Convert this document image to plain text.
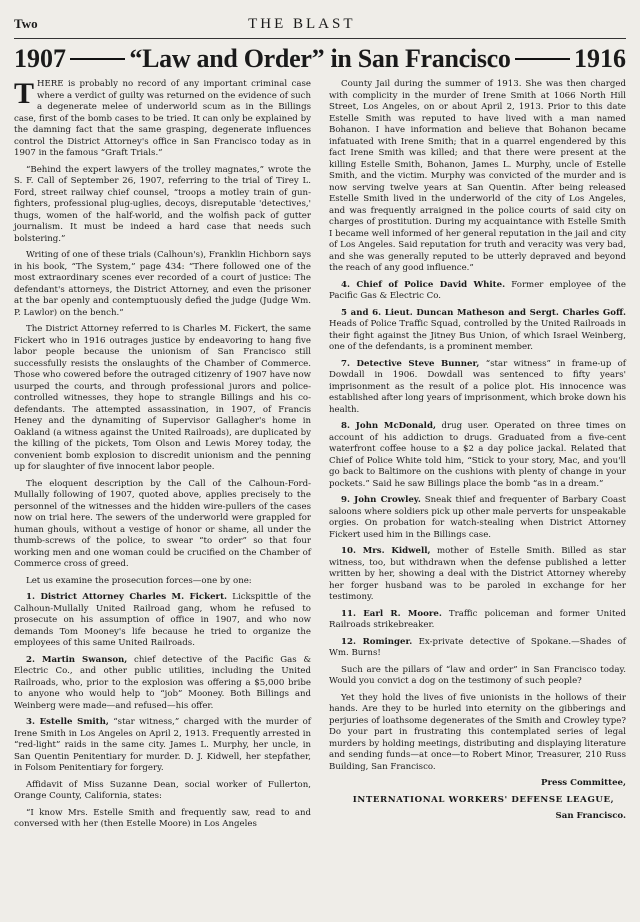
Two	THE BLAST
1907 “Law and Order” in San Francisco 1916

THERE is probably no record of any important criminal case where a verdict of guilty was returned on the evidence of such a degenerate melee of underworld scum as in the Billings case, first of the bomb cases to be tried. It can only be explained by the damning fact that the same grasping, degenerate influences control the District Attorney's office in San Francisco today as in 1907 in the famous “Graft Trials.”

“Behind the expert lawyers of the trolley magnates,” wrote the S. F. Call of September 26, 1907, referring to the trial of Tirey L. Ford, street railway chief counsel, “troops a motley train of gun-fighters, professional plug-uglies, decoys, disreputable 'detectives,' thugs, women of the half-world, and the wolfish pack of gutter journalism. It must be indeed a hard case that needs such bolstering.”

Writing of one of these trials (Calhoun's), Franklin Hichborn says in his book, “The System,” page 434: “There followed one of the most extraordinary scenes ever recorded of a court of justice: The defendant's attorneys, the District Attorney, and even the prisoner at the bar openly and contemptuously defied the judge (Judge Wm. P. Lawlor) on the bench.”

The District Attorney referred to is Charles M. Fickert, the same Fickert who in 1916 outrages justice by endeavoring to hang five labor people because the unionism of San Francisco still successfully resists the onslaughts of the Chamber of Commerce. Those who cowered before the outraged citizenry of 1907 have now usurped the courts, and through professional jurors and police-controlled witnesses, they hope to strangle Billings and his co-defendants. The attempted assassination, in 1907, of Francis Heney and the dynamiting of Supervisor Gallagher's home in Oakland (a witness against the United Railroads), are duplicated by the killing of the pickets, Tom Olson and Lewis Morey today, the convenient bomb explosion to discredit unionism and the penning up for slaughter of five innocent labor people.

The eloquent description by the Call of the Calhoun-Ford-Mullally following of 1907, quoted above, applies precisely to the personnel of the witnesses and the hidden wire-pullers of the cases now on trial here. The sewers of the underworld were grappled for human ghouls, without a vestige of honor or shame, all under the thumb-screws of the police, to swear “to order” so that four working men and one woman could be crucified on the Chamber of Commerce cross of greed.

Let us examine the prosecution forces—one by one:

1. District Attorney Charles M. Fickert. Lickspittle of the Calhoun-Mullally United Railroad gang, whom he refused to prosecute on his assumption of office in 1907, and who now demands Tom Mooney's life because he tried to organize the employees of this same United Railroads.

2. Martin Swanson, chief detective of the Pacific Gas & Electric Co., and other public utilities, including the United Railroads, who, prior to the explosion was offering a $5,000 bribe to anyone who would help to “job” Mooney. Both Billings and Weinberg were made—and refused—his offer.

3. Estelle Smith, “star witness,” charged with the murder of Irene Smith in Los Angeles on April 2, 1913. Frequently arrested in “red-light” raids in the same city. James L. Murphy, her uncle, in San Quentin Penitentiary for murder. D. J. Kidwell, her stepfather, in Folsom Penitentiary for forgery.

Affidavit of Miss Suzanne Dean, social worker of Fullerton, Orange County, California, states:

“I know Mrs. Estelle Smith and frequently saw, read to and conversed with her (then Estelle Moore) in Los Angeles

County Jail during the summer of 1913. She was then charged with complicity in the murder of Irene Smith at 1066 North Hill Street, Los Angeles, on or about April 2, 1913. Prior to this date Estelle Smith was reputed to have lived with a man named Bohanon. I have information and believe that Bohanon became infatuated with Irene Smith; that in a quarrel engendered by this fact Irene Smith was killed; and that there were present at the killing Estelle Smith, Bohanon, James L. Murphy, uncle of Estelle Smith, and the victim. Murphy was convicted of the murder and is now serving twelve years at San Quentin. After being released Estelle Smith lived in the underworld of the city of Los Angeles, and was frequently arraigned in the police courts of said city on charges of prostitution. During my acquaintance with Estelle Smith I became well informed of her general reputation in the jail and city of Los Angeles. Said reputation for truth and veracity was very bad, and she was generally reputed to be utterly depraved and beyond the reach of any good influence.”

4. Chief of Police David White. Former employee of the Pacific Gas & Electric Co.

5 and 6. Lieut. Duncan Matheson and Sergt. Charles Goff. Heads of Police Traffic Squad, controlled by the United Railroads in their fight against the Jitney Bus Union, of which Israel Weinberg, one of the defendants, is a prominent member.

7. Detective Steve Bunner, “star witness” in frame-up of Dowdall in 1906. Dowdall was sentenced to fifty years' imprisonment as the result of a police plot. His innocence was established after long years of imprisonment, which broke down his health.

8. John McDonald, drug user. Operated on three times on account of his addiction to drugs. Graduated from a five-cent waterfront coffee house to a $2 a day police jackal. Related that Chief of Police White told him, “Stick to your story, Mac, and you'll go back to Baltimore on the cushions with plenty of change in your pockets.” Said he saw Billings place the bomb “as in a dream.”

9. John Crowley. Sneak thief and frequenter of Barbary Coast saloons where soldiers pick up other male perverts for unspeakable orgies. On probation for watch-stealing when District Attorney Fickert used him in the Billings case.

10. Mrs. Kidwell, mother of Estelle Smith. Billed as star witness, too, but withdrawn when the defense published a letter written by her, showing a deal with the District Attorney whereby her forger husband was to be paroled in exchange for her testimony.

11. Earl R. Moore. Traffic policeman and former United Railroads strikebreaker.

12. Rominger. Ex-private detective of Spokane.—Shades of Wm. Burns!

Such are the pillars of “law and order” in San Francisco today. Would you convict a dog on the testimony of such people?

Yet they hold the lives of five unionists in the hollows of their hands. Are they to be hurled into eternity on the gibberings and perjuries of loathsome degenerates of the Smith and Crowley type? Do your part in frustrating this contemplated series of legal murders by holding meetings, distributing and displaying literature and sending funds—at once—to Robert Minor, Treasurer, 210 Russ Building, San Francisco.

Press Committee,

INTERNATIONAL WORKERS' DEFENSE LEAGUE,

San Francisco.
